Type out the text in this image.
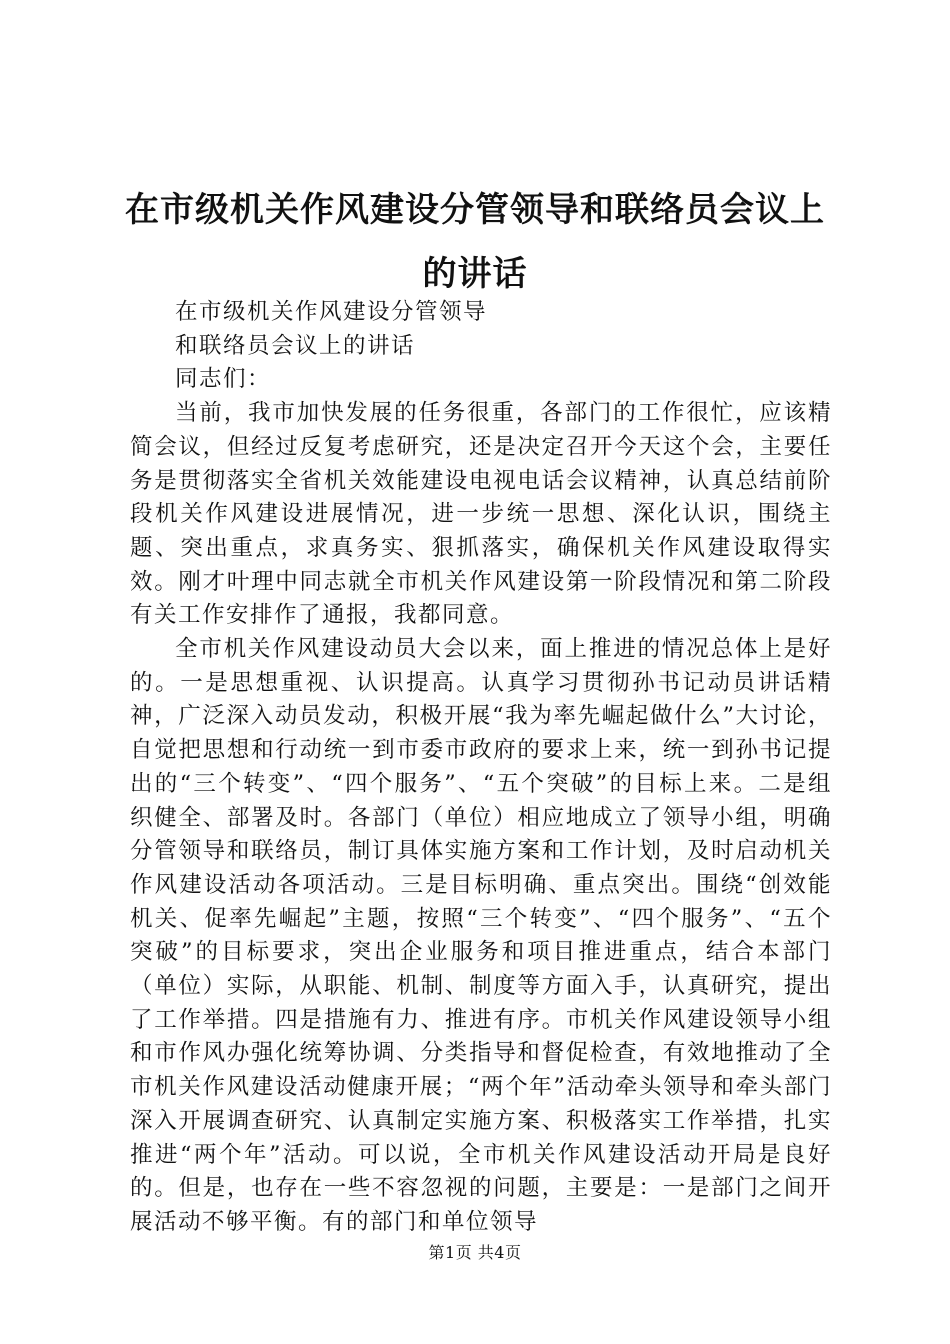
在市级机关作风建设分管领导和联络员会议上
的讲话

在市级机关作风建设分管领导

和联络员会议上的讲话

同志们：

当前，我市加快发展的任务很重，各部门的工作很忙，应该精简会议，但经过反复考虑研究，还是决定召开今天这个会，主要任务是贯彻落实全省机关效能建设电视电话会议精神，认真总结前阶段机关作风建设进展情况，进一步统一思想、深化认识，围绕主题、突出重点，求真务实、狠抓落实，确保机关作风建设取得实效。刚才叶理中同志就全市机关作风建设第一阶段情况和第二阶段有关工作安排作了通报，我都同意。

全市机关作风建设动员大会以来，面上推进的情况总体上是好的。一是思想重视、认识提高。认真学习贯彻孙书记动员讲话精神，广泛深入动员发动，积极开展“我为率先崛起做什么”大讨论，自觉把思想和行动统一到市委市政府的要求上来，统一到孙书记提出的“三个转变”、“四个服务”、“五个突破”的目标上来。二是组织健全、部署及时。各部门（单位）相应地成立了领导小组，明确分管领导和联络员，制订具体实施方案和工作计划，及时启动机关作风建设活动各项活动。三是目标明确、重点突出。围绕“创效能机关、促率先崛起”主题，按照“三个转变”、“四个服务”、“五个突破”的目标要求，突出企业服务和项目推进重点，结合本部门（单位）实际，从职能、机制、制度等方面入手，认真研究，提出了工作举措。四是措施有力、推进有序。市机关作风建设领导小组和市作风办强化统筹协调、分类指导和督促检查，有效地推动了全市机关作风建设活动健康开展；“两个年”活动牵头领导和牵头部门深入开展调查研究、认真制定实施方案、积极落实工作举措，扎实推进“两个年”活动。可以说，全市机关作风建设活动开局是良好的。但是，也存在一些不容忽视的问题，主要是：一是部门之间开展活动不够平衡。有的部门和单位领导

第1页 共4页
